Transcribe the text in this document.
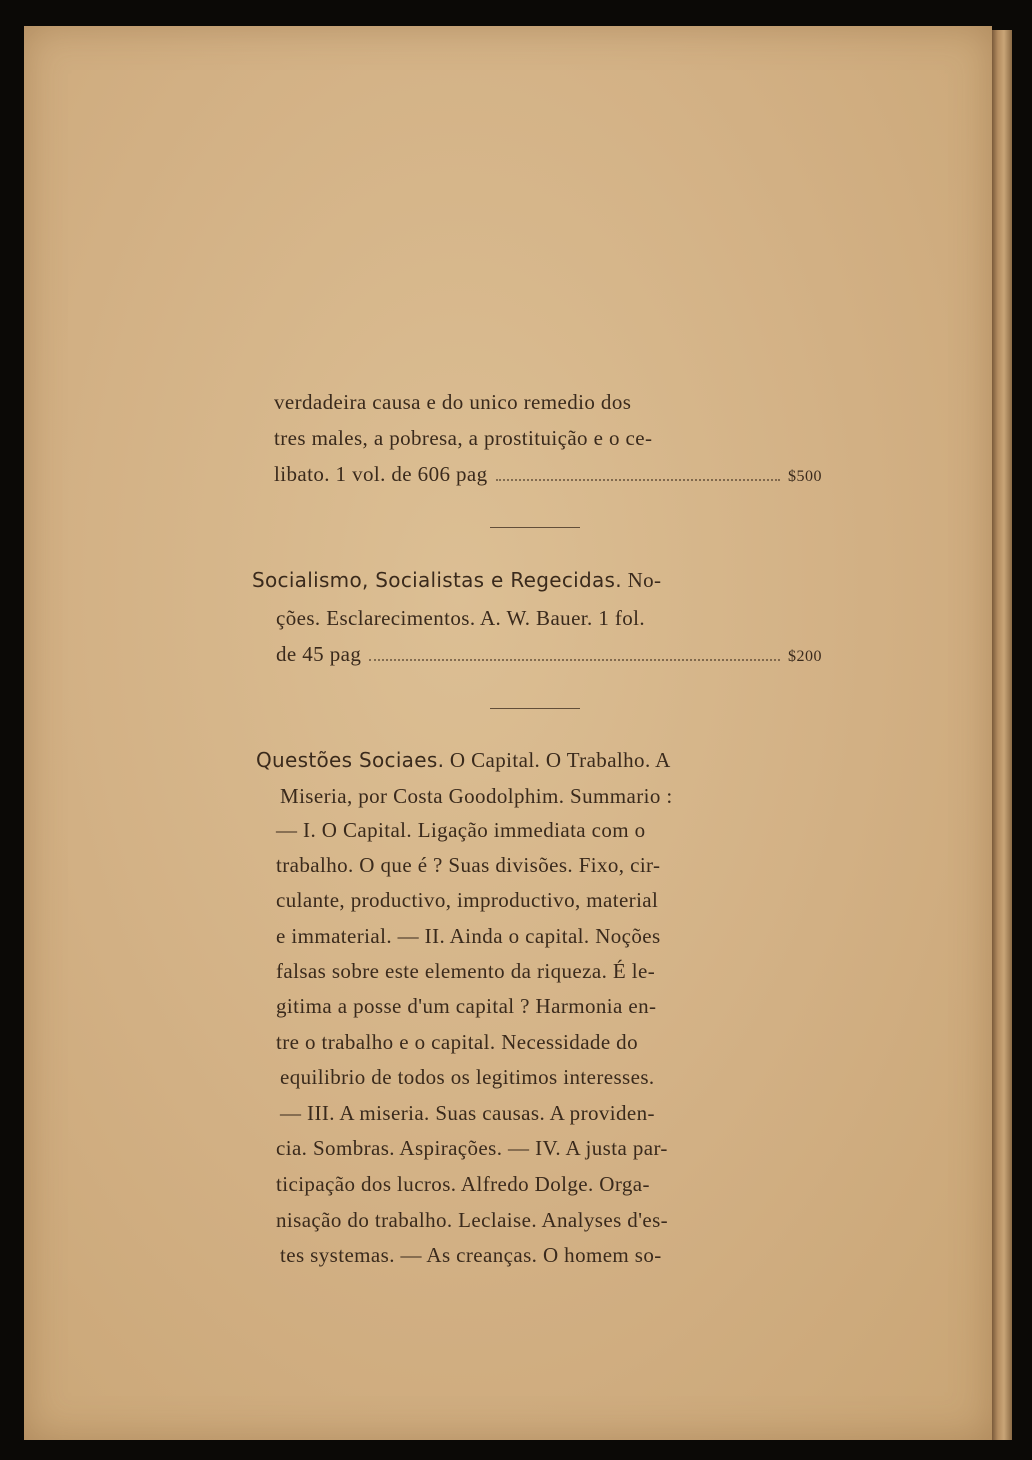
verdadeira causa e do unico remedio dos
tres males, a pobresa, a prostituição e o ce-
libato. 1 vol. de 606 pag	$500
Socialismo, Socialistas e Regecidas. No-
ções. Esclarecimentos. A. W. Bauer. 1 fol.
de 45 pag	$200
Questões Sociaes. O Capital. O Trabalho. A
Miseria, por Costa Goodolphim. Summario :
— I. O Capital. Ligação immediata com o
trabalho. O que é ? Suas divisões. Fixo, cir-
culante, productivo, improductivo, material
e immaterial. — II. Ainda o capital. Noções
falsas sobre este elemento da riqueza. É le-
gitima a posse d'um capital ? Harmonia en-
tre o trabalho e o capital. Necessidade do
equilibrio de todos os legitimos interesses.
— III. A miseria. Suas causas. A providen-
cia. Sombras. Aspirações. — IV. A justa par-
ticipação dos lucros. Alfredo Dolge. Orga-
nisação do trabalho. Leclaise. Analyses d'es-
tes systemas. — As creanças. O homem so-
